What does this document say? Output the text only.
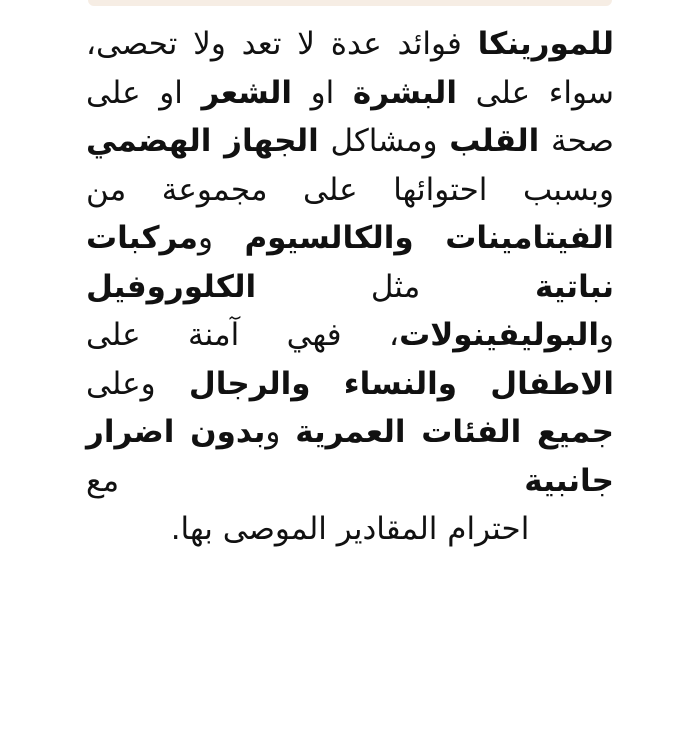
للمورينكا فوائد عدة لا تعد ولا تحصى، سواء على البشرة او الشعر او على صحة القلب ومشاكل الجهاز الهضمي وبسبب احتوائها على مجموعة من الفيتامينات والكالسيوم ومركبات نباتية مثل الكلوروفيل والبوليفينولات، فهي آمنة على الاطفال والنساء والرجال وعلى جميع الفئات العمرية وبدون اضرار جانبية مع
احترام المقادير الموصى بها.
